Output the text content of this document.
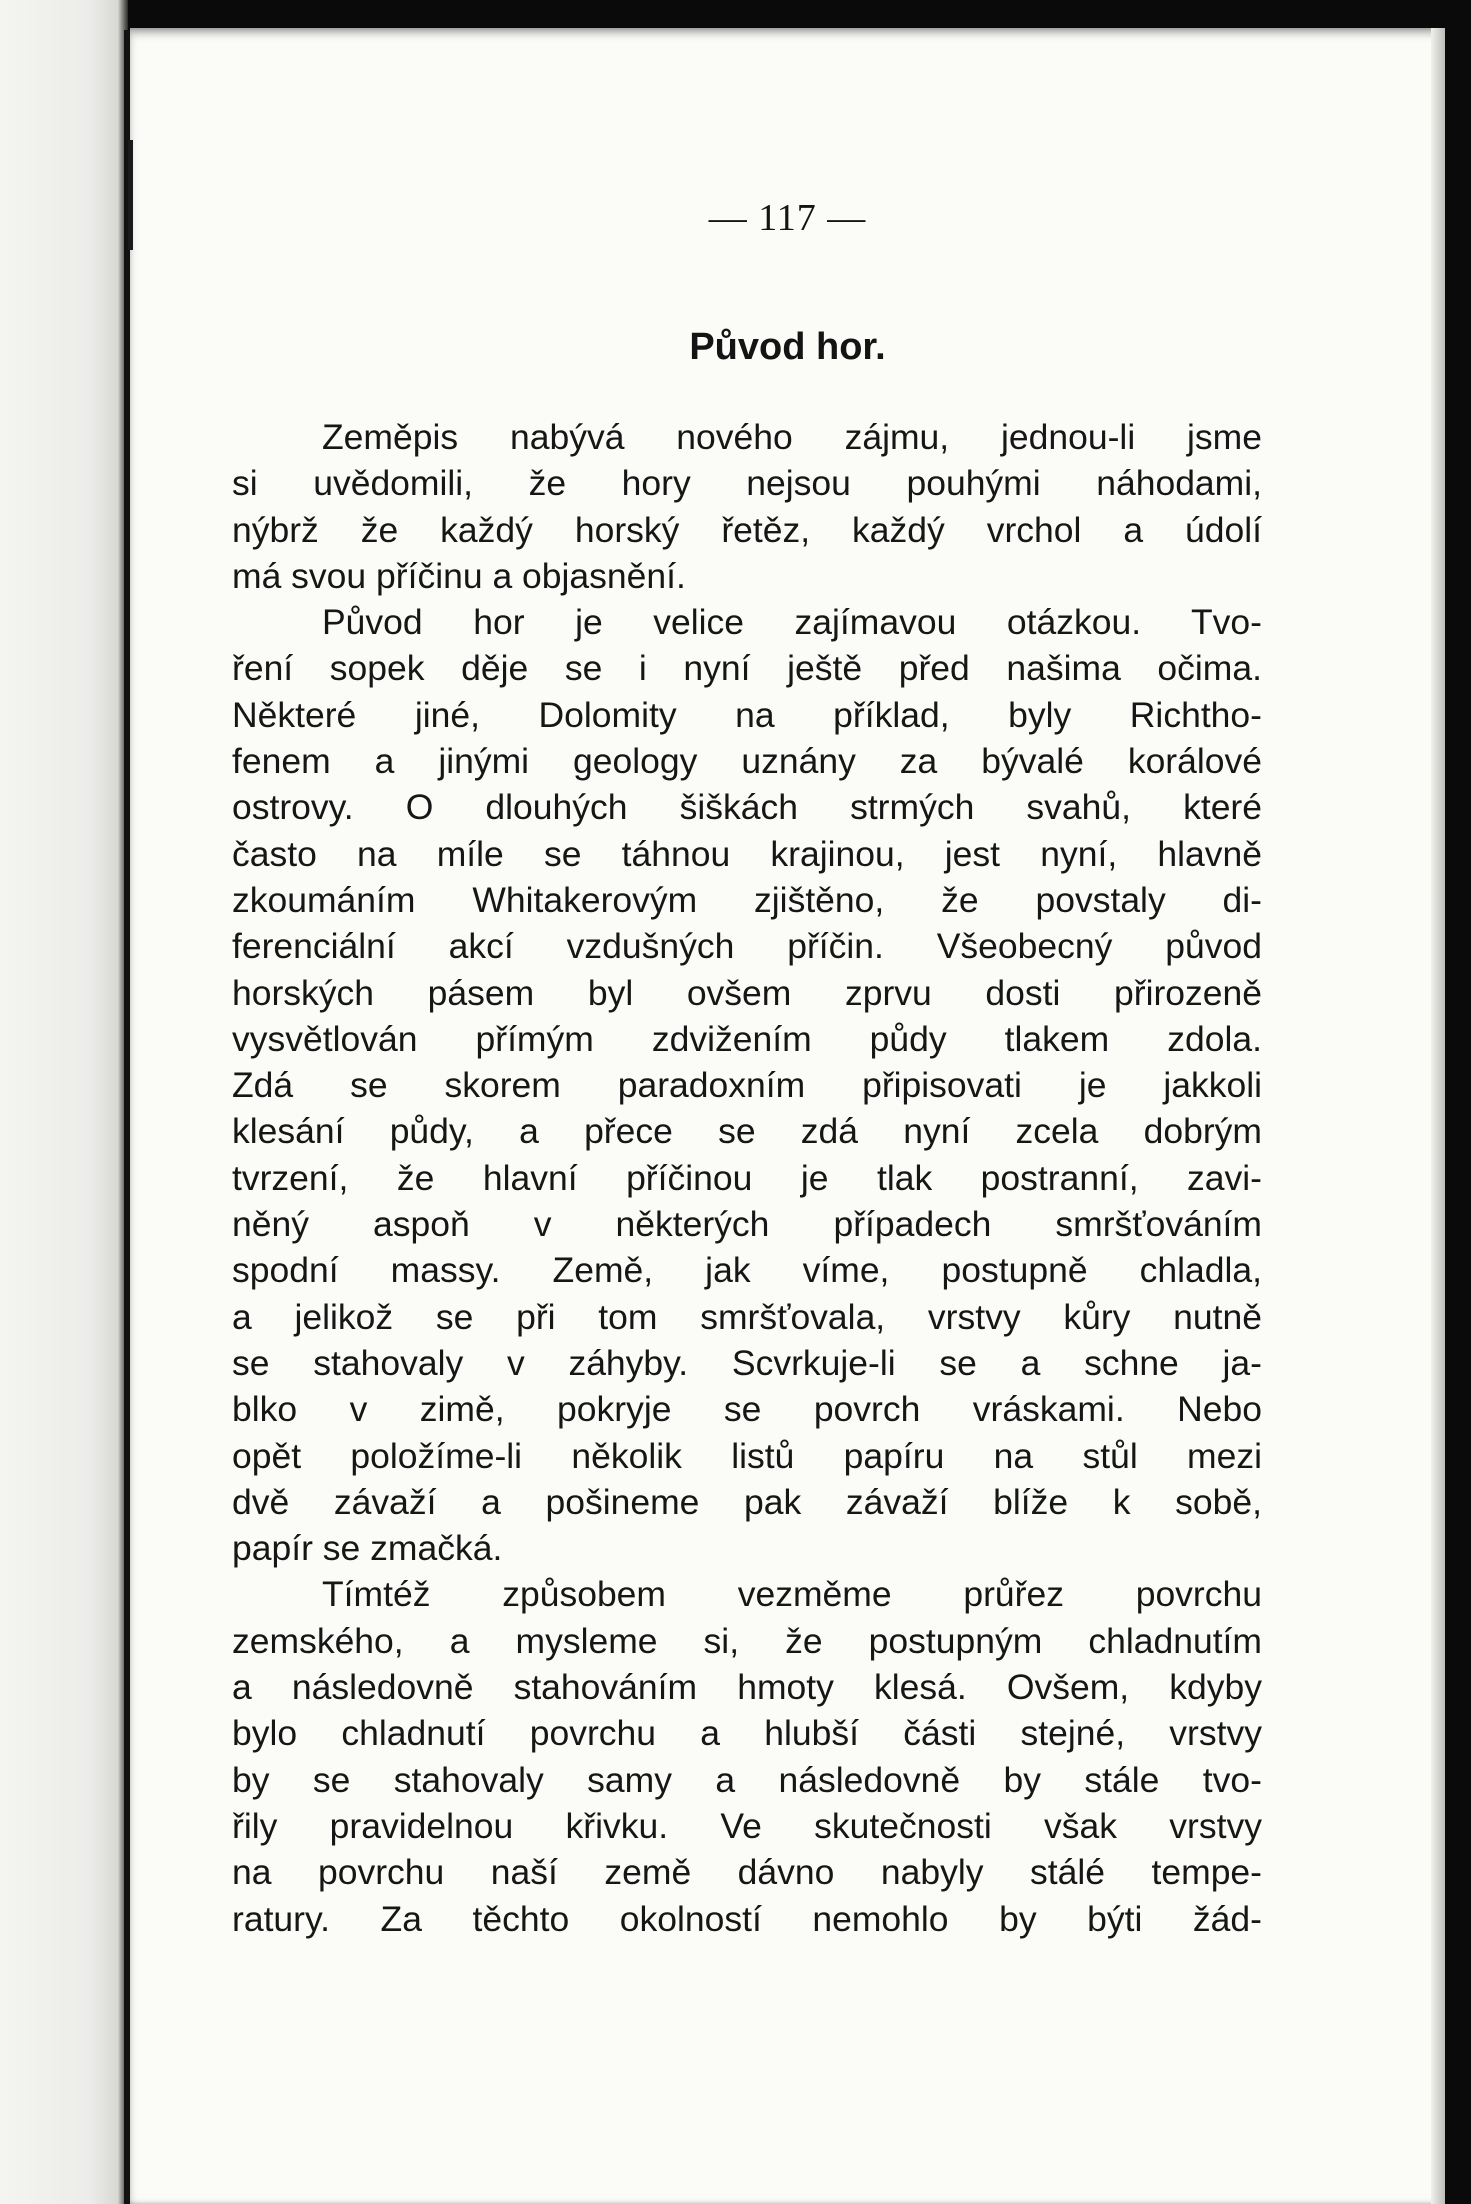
— 117 —
Původ hor.
Zeměpis nabývá nového zájmu, jednou-li jsme
si uvědomili, že hory nejsou pouhými náhodami,
nýbrž že každý horský řetěz, každý vrchol a údolí
má svou příčinu a objasnění.
Původ hor je velice zajímavou otázkou. Tvo-
ření sopek děje se i nyní ještě před našima očima.
Některé jiné, Dolomity na příklad, byly Richtho-
fenem a jinými geology uznány za bývalé korálové
ostrovy. O dlouhých šiškách strmých svahů, které
často na míle se táhnou krajinou, jest nyní, hlavně
zkoumáním Whitakerovým zjištěno, že povstaly di-
ferenciální akcí vzdušných příčin. Všeobecný původ
horských pásem byl ovšem zprvu dosti přirozeně
vysvětlován přímým zdvižením půdy tlakem zdola.
Zdá se skorem paradoxním připisovati je jakkoli
klesání půdy, a přece se zdá nyní zcela dobrým
tvrzení, že hlavní příčinou je tlak postranní, zavi-
něný aspoň v některých případech smršťováním
spodní massy. Země, jak víme, postupně chladla,
a jelikož se při tom smršťovala, vrstvy kůry nutně
se stahovaly v záhyby. Scvrkuje-li se a schne ja-
blko v zimě, pokryje se povrch vráskami. Nebo
opět položíme-li několik listů papíru na stůl mezi
dvě závaží a pošineme pak závaží blíže k sobě,
papír se zmačká.
Tímtéž způsobem vezměme průřez povrchu
zemského, a mysleme si, že postupným chladnutím
a následovně stahováním hmoty klesá. Ovšem, kdyby
bylo chladnutí povrchu a hlubší části stejné, vrstvy
by se stahovaly samy a následovně by stále tvo-
řily pravidelnou křivku. Ve skutečnosti však vrstvy
na povrchu naší země dávno nabyly stálé tempe-
ratury. Za těchto okolností nemohlo by býti žád-
